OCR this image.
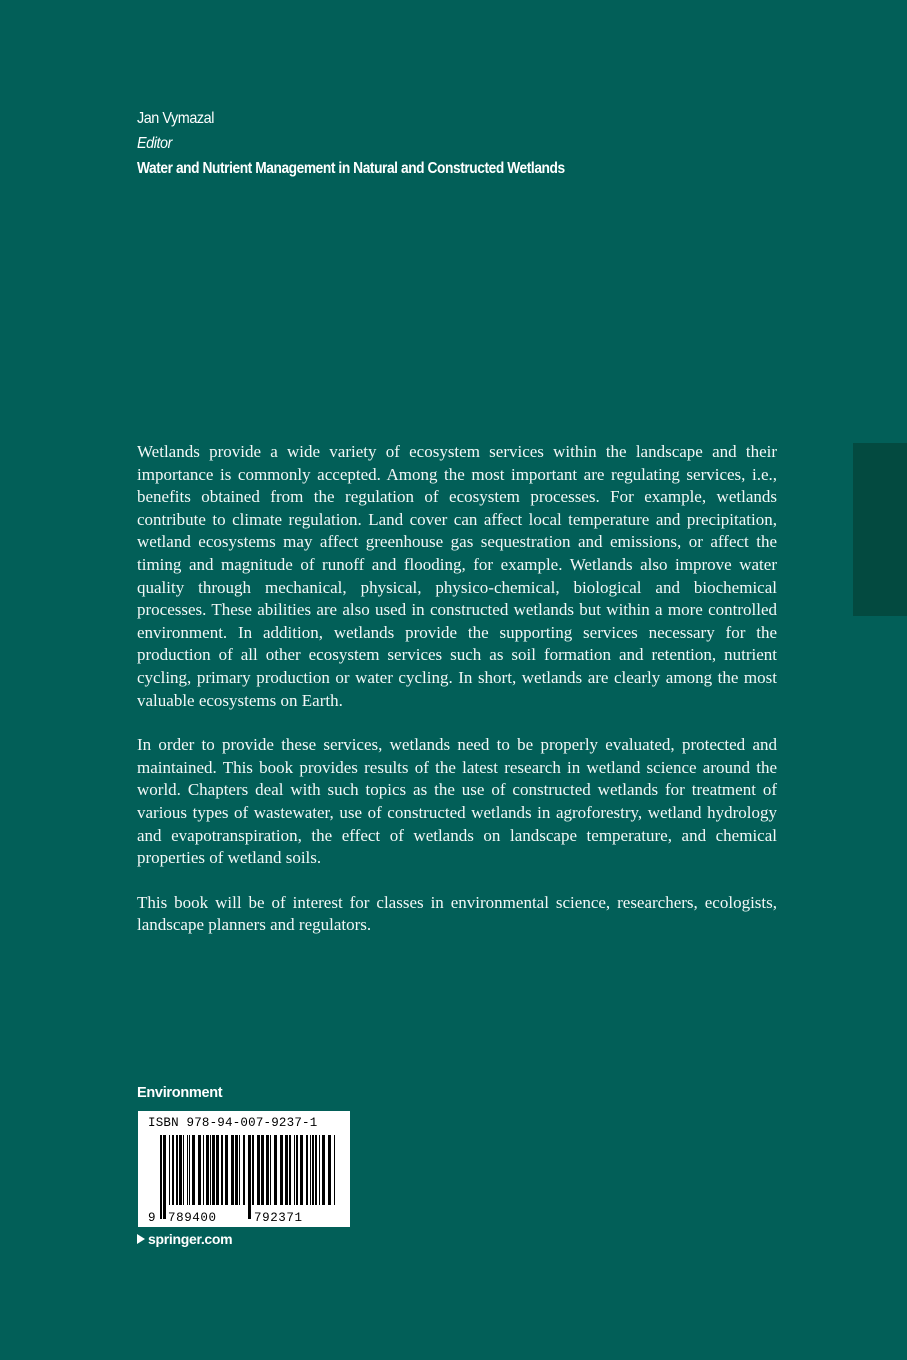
Jan Vymazal
Editor
Water and Nutrient Management in Natural and Constructed Wetlands

Wetlands provide a wide variety of ecosystem services within the landscape and their importance is commonly accepted. Among the most important are regulating services, i.e., benefits obtained from the regulation of ecosystem processes. For example, wetlands contribute to climate regulation. Land cover can affect local temperature and precipitation, wetland ecosystems may affect greenhouse gas sequestration and emissions, or affect the timing and magnitude of runoff and flooding, for example. Wetlands also improve water quality through mechanical, physical, physico-chemical, biological and biochemical processes. These abilities are also used in constructed wetlands but within a more controlled environment. In addition, wetlands provide the supporting services necessary for the production of all other ecosystem services such as soil formation and retention, nutrient cycling, primary production or water cycling. In short, wetlands are clearly among the most valuable ecosystems on Earth.

In order to provide these services, wetlands need to be properly evaluated, protected and maintained. This book provides results of the latest research in wetland science around the world. Chapters deal with such topics as the use of constructed wetlands for treatment of various types of wastewater, use of constructed wetlands in agroforestry, wetland hydrology and evapotranspiration, the effect of wetlands on landscape temperature, and chemical properties of wetland soils.

This book will be of interest for classes in environmental science, researchers, ecologists, landscape planners and regulators.

Environment
ISBN 978-94-007-9237-1
9 789400	792371
springer.com
